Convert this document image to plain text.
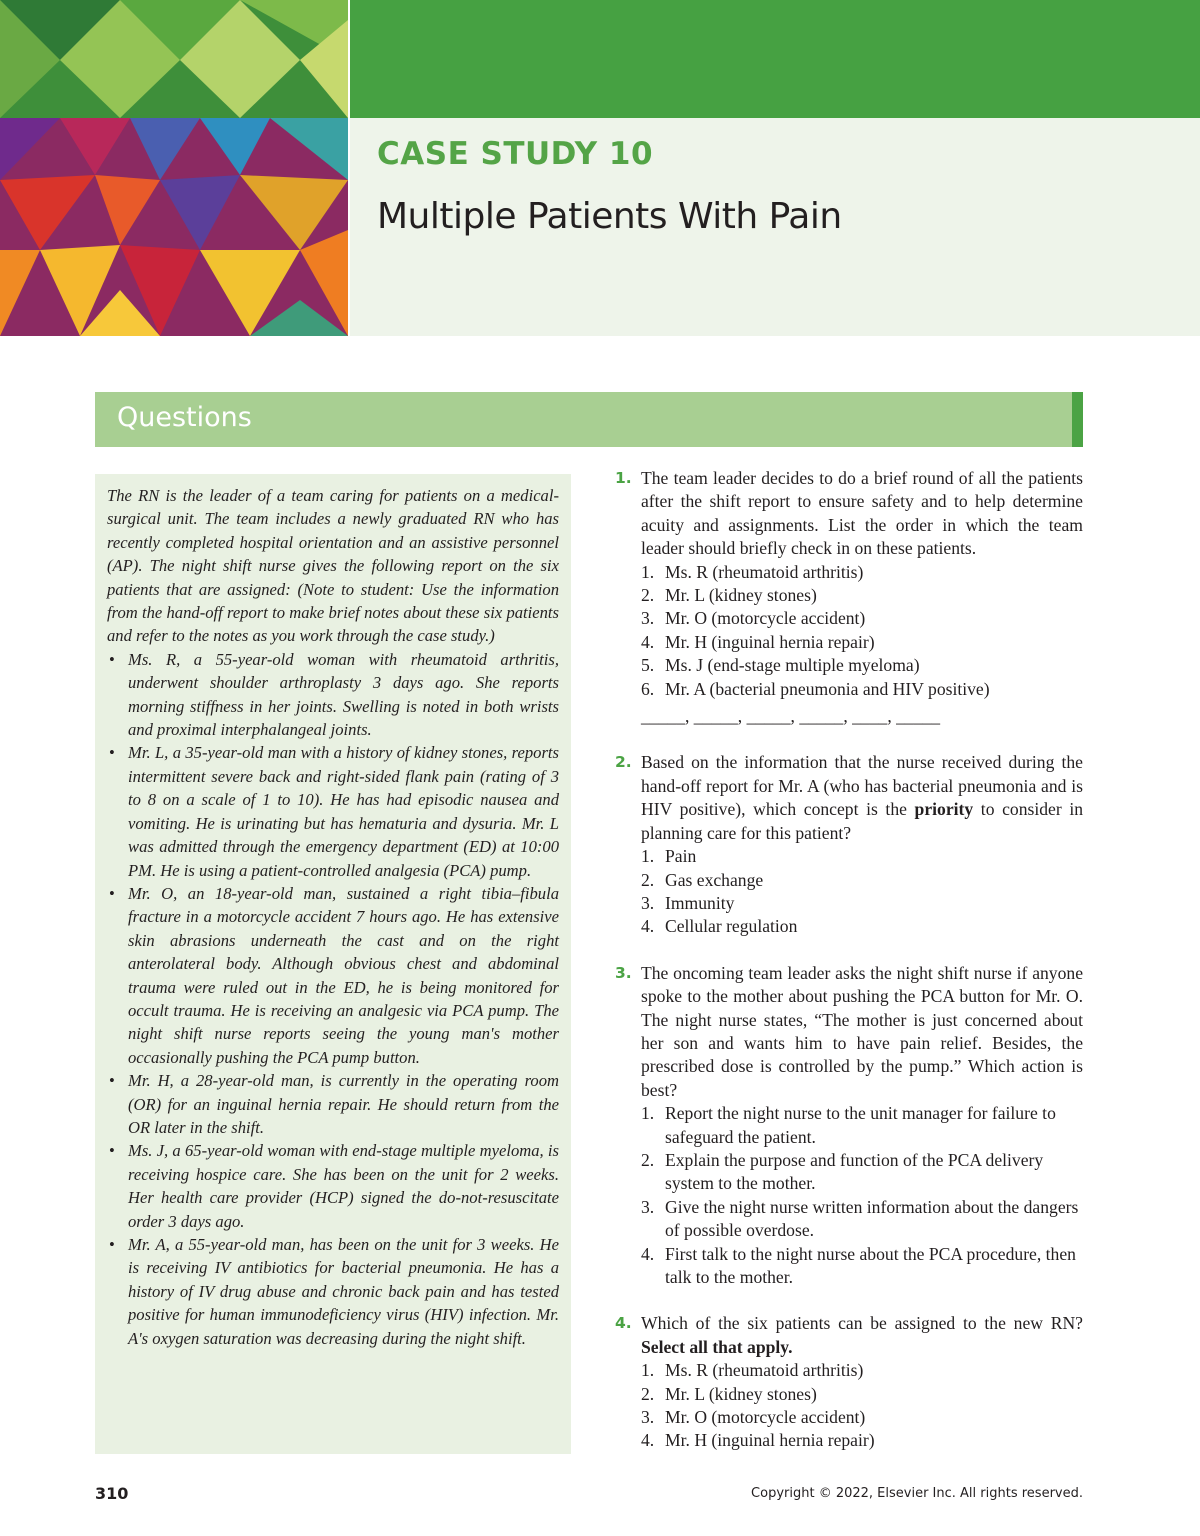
CASE STUDY 10
Multiple Patients With Pain
Questions

The RN is the leader of a team caring for patients on a medical-surgical unit. The team includes a newly graduated RN who has recently completed hospital orientation and an assistive personnel (AP). The night shift nurse gives the following report on the six patients that are assigned: (Note to student: Use the information from the hand-off report to make brief notes about these six patients and refer to the notes as you work through the case study.)

• Ms. R, a 55-year-old woman with rheumatoid arthritis, underwent shoulder arthroplasty 3 days ago. She reports morning stiffness in her joints. Swelling is noted in both wrists and proximal interphalangeal joints.
• Mr. L, a 35-year-old man with a history of kidney stones, reports intermittent severe back and right-sided flank pain (rating of 3 to 8 on a scale of 1 to 10). He has had episodic nausea and vomiting. He is urinating but has hematuria and dysuria. Mr. L was admitted through the emergency department (ED) at 10:00 PM. He is using a patient-controlled analgesia (PCA) pump.
• Mr. O, an 18-year-old man, sustained a right tibia–fibula fracture in a motorcycle accident 7 hours ago. He has extensive skin abrasions underneath the cast and on the right anterolateral body. Although obvious chest and abdominal trauma were ruled out in the ED, he is being monitored for occult trauma. He is receiving an analgesic via PCA pump. The night shift nurse reports seeing the young man's mother occasionally pushing the PCA pump button.
• Mr. H, a 28-year-old man, is currently in the operating room (OR) for an inguinal hernia repair. He should return from the OR later in the shift.
• Ms. J, a 65-year-old woman with end-stage multiple myeloma, is receiving hospice care. She has been on the unit for 2 weeks. Her health care provider (HCP) signed the do-not-resuscitate order 3 days ago.
• Mr. A, a 55-year-old man, has been on the unit for 3 weeks. He is receiving IV antibiotics for bacterial pneumonia. He has a history of IV drug abuse and chronic back pain and has tested positive for human immunodeficiency virus (HIV) infection. Mr. A's oxygen saturation was decreasing during the night shift.
1. The team leader decides to do a brief round of all the patients after the shift report to ensure safety and to help determine acuity and assignments. List the order in which the team leader should briefly check in on these patients.
1. Ms. R (rheumatoid arthritis)
2. Mr. L (kidney stones)
3. Mr. O (motorcycle accident)
4. Mr. H (inguinal hernia repair)
5. Ms. J (end-stage multiple myeloma)
6. Mr. A (bacterial pneumonia and HIV positive)
_____, _____, _____, _____, ____, _____
2. Based on the information that the nurse received during the hand-off report for Mr. A (who has bacterial pneumonia and is HIV positive), which concept is the priority to consider in planning care for this patient?
1. Pain
2. Gas exchange
3. Immunity
4. Cellular regulation
3. The oncoming team leader asks the night shift nurse if anyone spoke to the mother about pushing the PCA button for Mr. O. The night nurse states, “The mother is just concerned about her son and wants him to have pain relief. Besides, the prescribed dose is controlled by the pump.” Which action is best?
1. Report the night nurse to the unit manager for failure to safeguard the patient.
2. Explain the purpose and function of the PCA delivery system to the mother.
3. Give the night nurse written information about the dangers of possible overdose.
4. First talk to the night nurse about the PCA procedure, then talk to the mother.
4. Which of the six patients can be assigned to the new RN? Select all that apply.
1. Ms. R (rheumatoid arthritis)
2. Mr. L (kidney stones)
3. Mr. O (motorcycle accident)
4. Mr. H (inguinal hernia repair)
310	Copyright © 2022, Elsevier Inc. All rights reserved.
